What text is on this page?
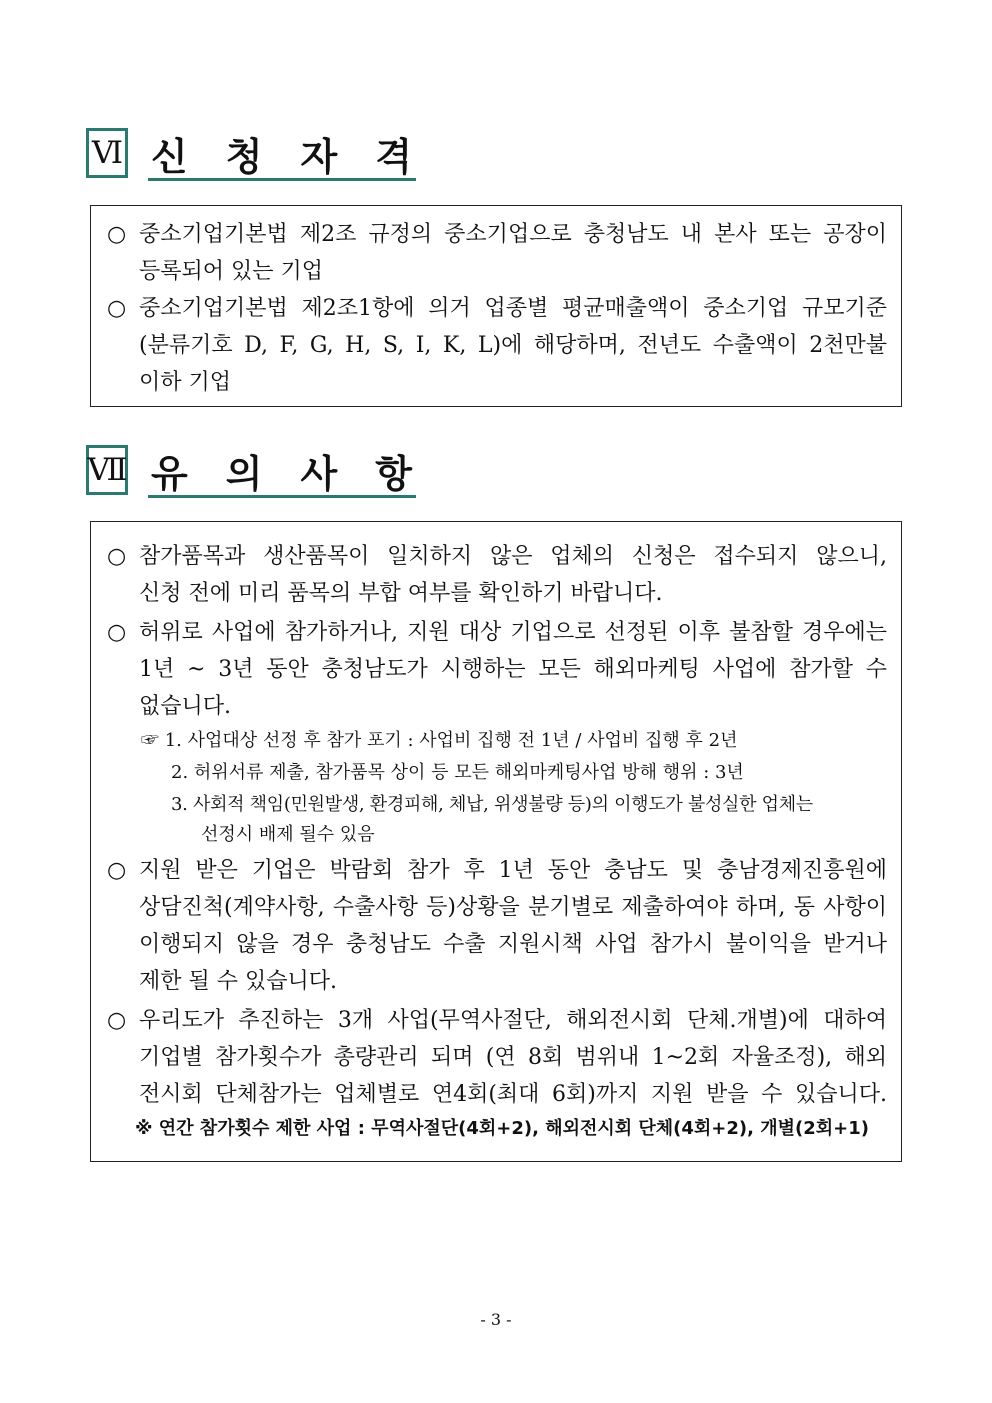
Ⅵ 신 청 자 격
○ 중소기업기본법 제2조 규정의 중소기업으로 충청남도 내 본사 또는 공장이
등록되어 있는 기업
○ 중소기업기본법 제2조1항에 의거 업종별 평균매출액이 중소기업 규모기준
(분류기호 D, F, G, H, S, I, K, L)에 해당하며, 전년도 수출액이 2천만불
이하 기업
Ⅶ 유 의 사 항
○ 참가품목과 생산품목이 일치하지 않은 업체의 신청은 접수되지 않으니,
신청 전에 미리 품목의 부합 여부를 확인하기 바랍니다.
○ 허위로 사업에 참가하거나, 지원 대상 기업으로 선정된 이후 불참할 경우에는
1년 ~ 3년 동안 충청남도가 시행하는 모든 해외마케팅 사업에 참가할 수
없습니다.
☞ 1. 사업대상 선정 후 참가 포기 : 사업비 집행 전 1년 / 사업비 집행 후 2년
2. 허위서류 제출, 참가품목 상이 등 모든 해외마케팅사업 방해 행위 : 3년
3. 사회적 책임(민원발생, 환경피해, 체납, 위생불량 등)의 이행도가 불성실한 업체는
선정시 배제 될수 있음
○ 지원 받은 기업은 박람회 참가 후 1년 동안 충남도 및 충남경제진흥원에
상담진척(계약사항, 수출사항 등)상황을 분기별로 제출하여야 하며, 동 사항이
이행되지 않을 경우 충청남도 수출 지원시책 사업 참가시 불이익을 받거나
제한 될 수 있습니다.
○ 우리도가 추진하는 3개 사업(무역사절단, 해외전시회 단체.개별)에 대하여
기업별 참가횟수가 총량관리 되며 (연 8회 범위내 1~2회 자율조정), 해외
전시회 단체참가는 업체별로 연4회(최대 6회)까지 지원 받을 수 있습니다.
※ 연간 참가횟수 제한 사업 : 무역사절단(4회+2), 해외전시회 단체(4회+2), 개별(2회+1)
- 3 -
